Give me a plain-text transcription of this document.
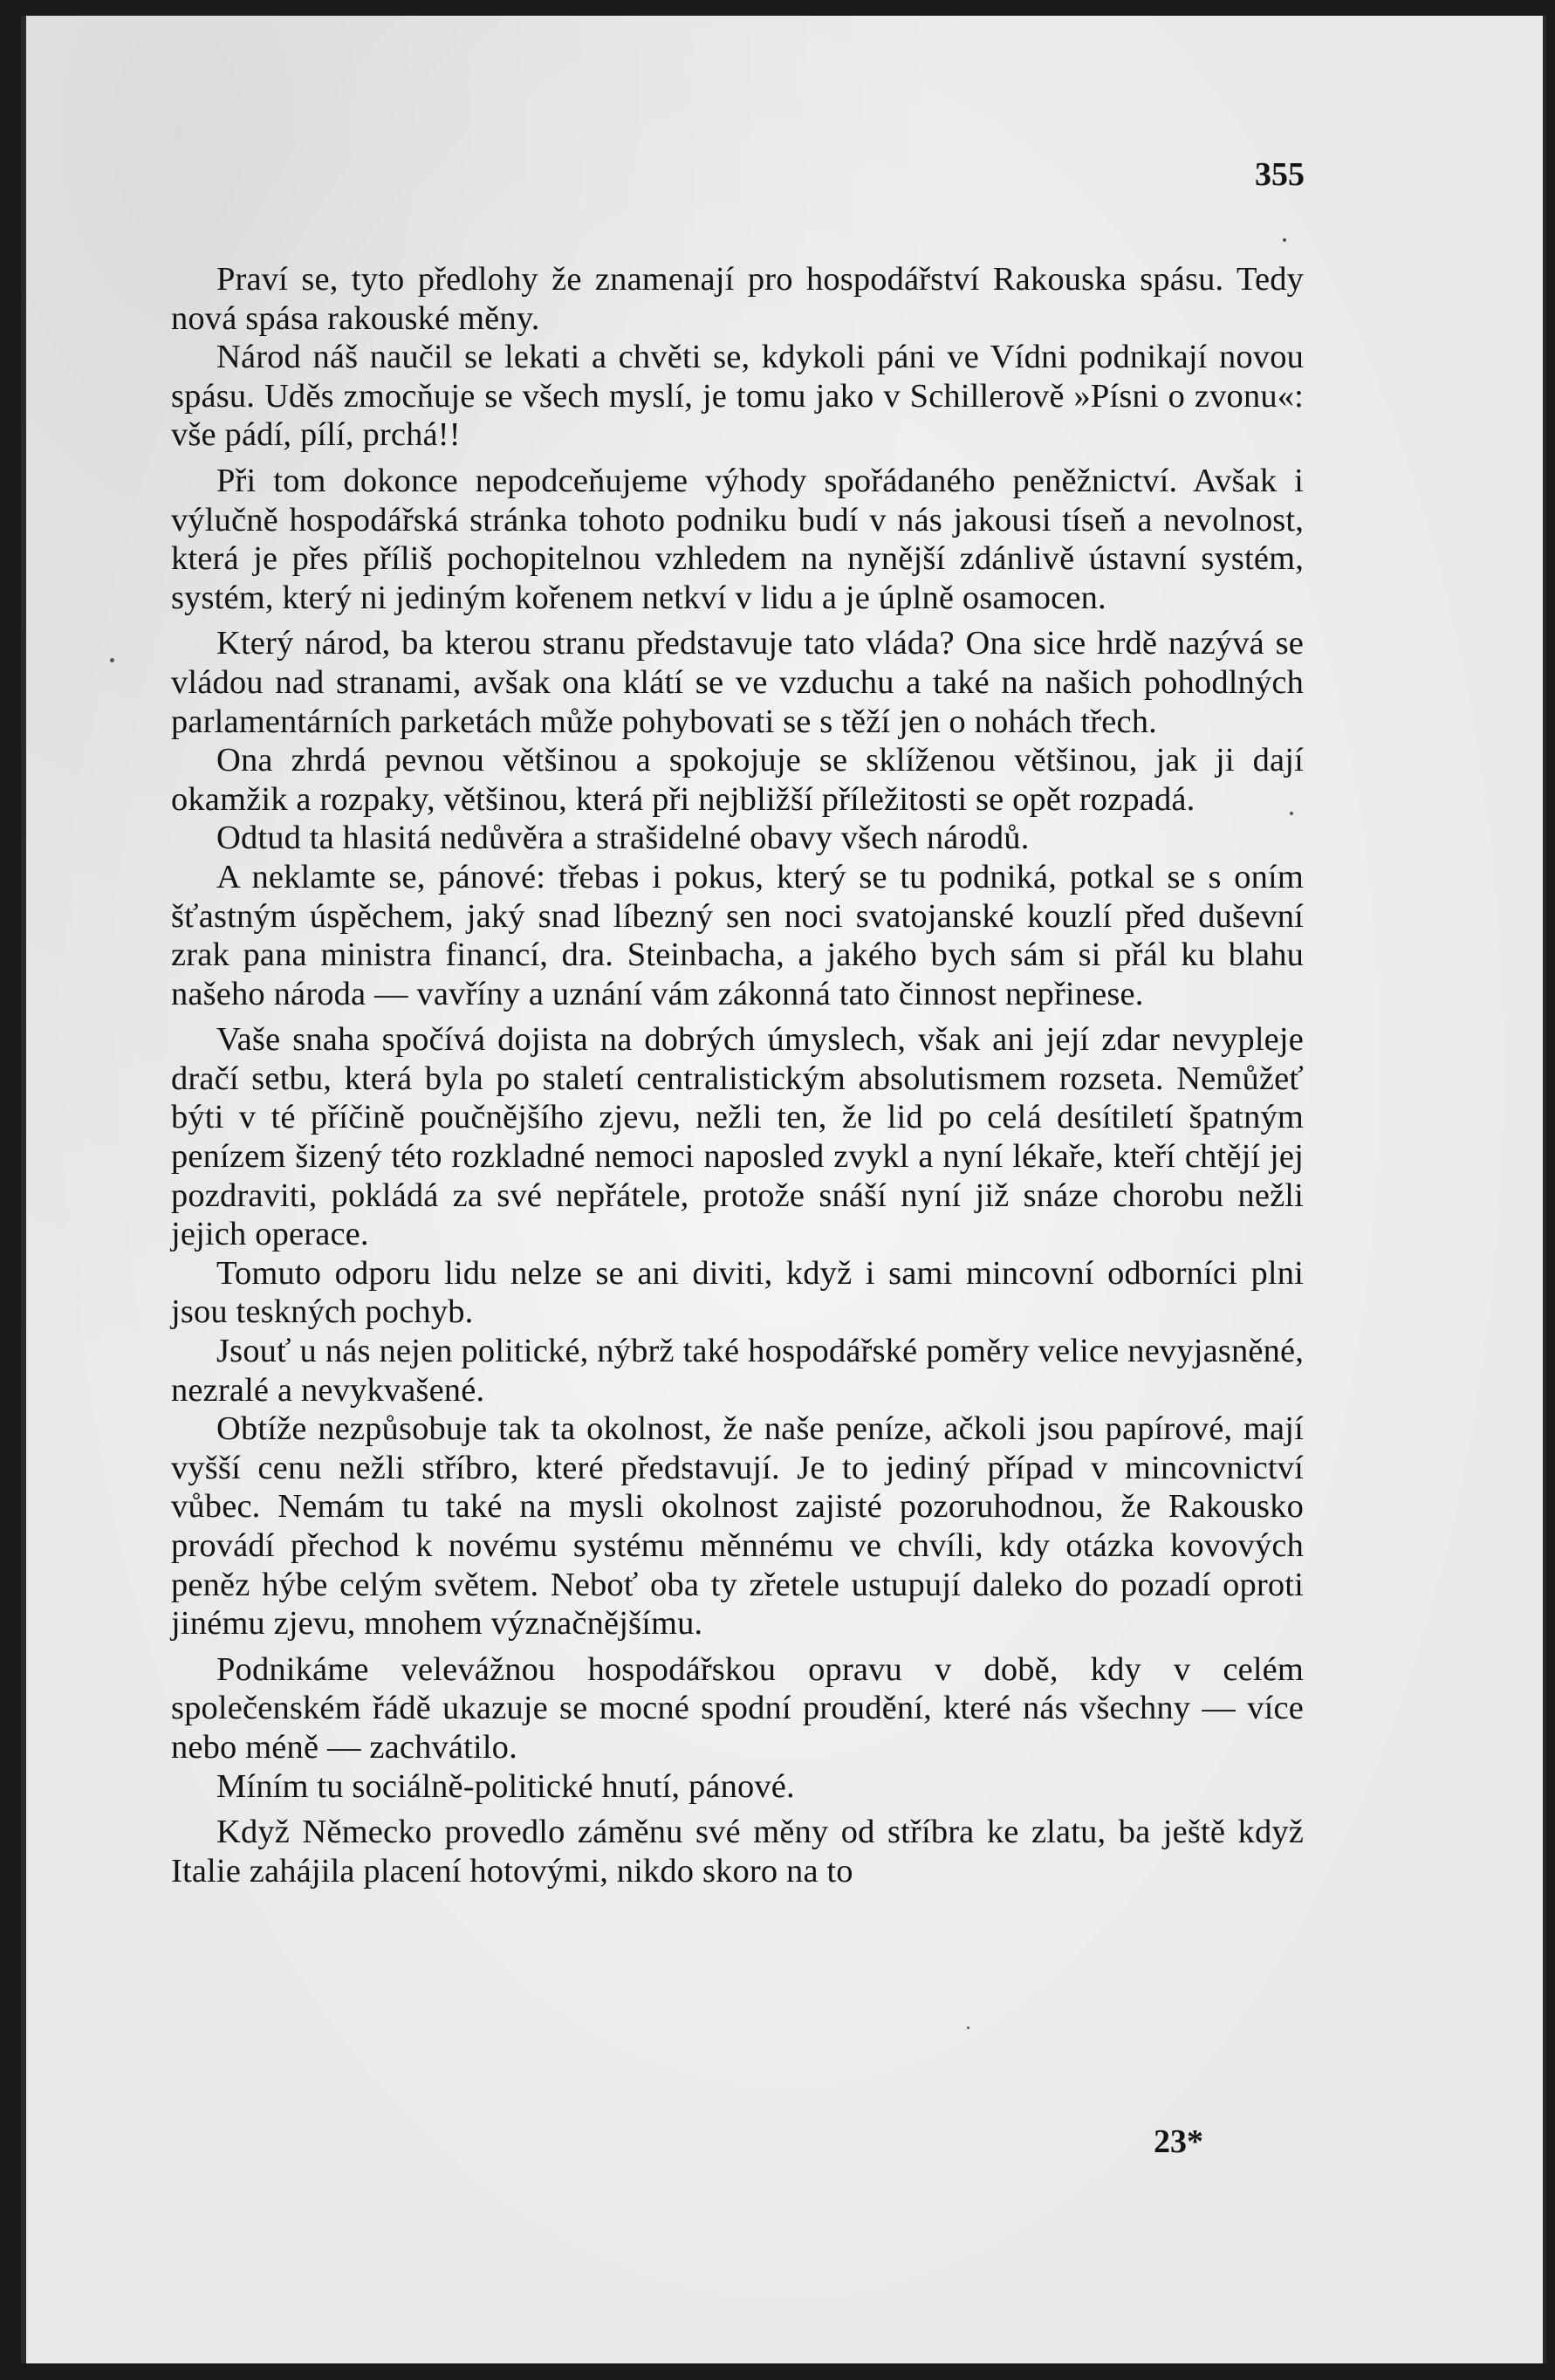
355

Praví se, tyto předlohy že znamenají pro hospodářství Rakouska spásu. Tedy nová spása rakouské měny.

Národ náš naučil se lekati a chvěti se, kdykoli páni ve Vídni podnikají novou spásu. Uděs zmocňuje se všech myslí, je tomu jako v Schillerově »Písni o zvonu«: vše pádí, pílí, prchá!!

Při tom dokonce nepodceňujeme výhody spořádaného peněžnictví. Avšak i výlučně hospodářská stránka tohoto podniku budí v nás jakousi tíseň a nevolnost, která je přes příliš pochopitelnou vzhledem na nynější zdánlivě ústavní systém, systém, který ni jediným kořenem netkví v lidu a je úplně osamocen.

Který národ, ba kterou stranu představuje tato vláda? Ona sice hrdě nazývá se vládou nad stranami, avšak ona klátí se ve vzduchu a také na našich pohodlných parlamentárních parketách může pohybovati se s těží jen o nohách třech.

Ona zhrdá pevnou většinou a spokojuje se sklíženou většinou, jak ji dají okamžik a rozpaky, většinou, která při nejbližší příležitosti se opět rozpadá.

Odtud ta hlasitá nedůvěra a strašidelné obavy všech národů.

A neklamte se, pánové: třebas i pokus, který se tu podniká, potkal se s oním šťastným úspěchem, jaký snad líbezný sen noci svatojanské kouzlí před duševní zrak pana ministra financí, dra. Steinbacha, a jakého bych sám si přál ku blahu našeho národa — vavříny a uznání vám zákonná tato činnost nepřinese.

Vaše snaha spočívá dojista na dobrých úmyslech, však ani její zdar nevyplejе dračí setbu, která byla po staletí centralistickým absolutismem rozseta. Nemůžeť býti v té příčině poučnějšího zjevu, nežli ten, že lid po celá desítiletí špatným penízem šizený této rozkladné nemoci naposled zvykl a nyní lékaře, kteří chtějí jej pozdraviti, pokládá za své nepřátele, protože snáší nyní již snáze chorobu nežli jejich operace.

Tomuto odporu lidu nelze se ani diviti, když i sami mincovní odborníci plni jsou teskných pochyb.

Jsouť u nás nejen politické, nýbrž také hospodářské poměry velice nevyjasněné, nezralé a nevykvašené.

Obtíže nezpůsobuje tak ta okolnost, že naše peníze, ačkoli jsou papírové, mají vyšší cenu nežli stříbro, které představují. Je to jediný případ v mincovnictví vůbec. Nemám tu také na mysli okolnost zajisté pozoruhodnou, že Rakousko provádí přechod k novému systému měnnému ve chvíli, kdy otázka kovových peněz hýbe celým světem. Neboť oba ty zřetele ustupují daleko do pozadí oproti jinému zjevu, mnohem význačnějšímu.

Podnikáme velevážnou hospodářskou opravu v době, kdy v celém společenském řádě ukazuje se mocné spodní proudění, které nás všechny — více nebo méně — zachvátilo.

Míním tu sociálně-politické hnutí, pánové.

Když Německo provedlo záměnu své měny od stříbra ke zlatu, ba ještě když Italie zahájila placení hotovými, nikdo skoro na to

23*
